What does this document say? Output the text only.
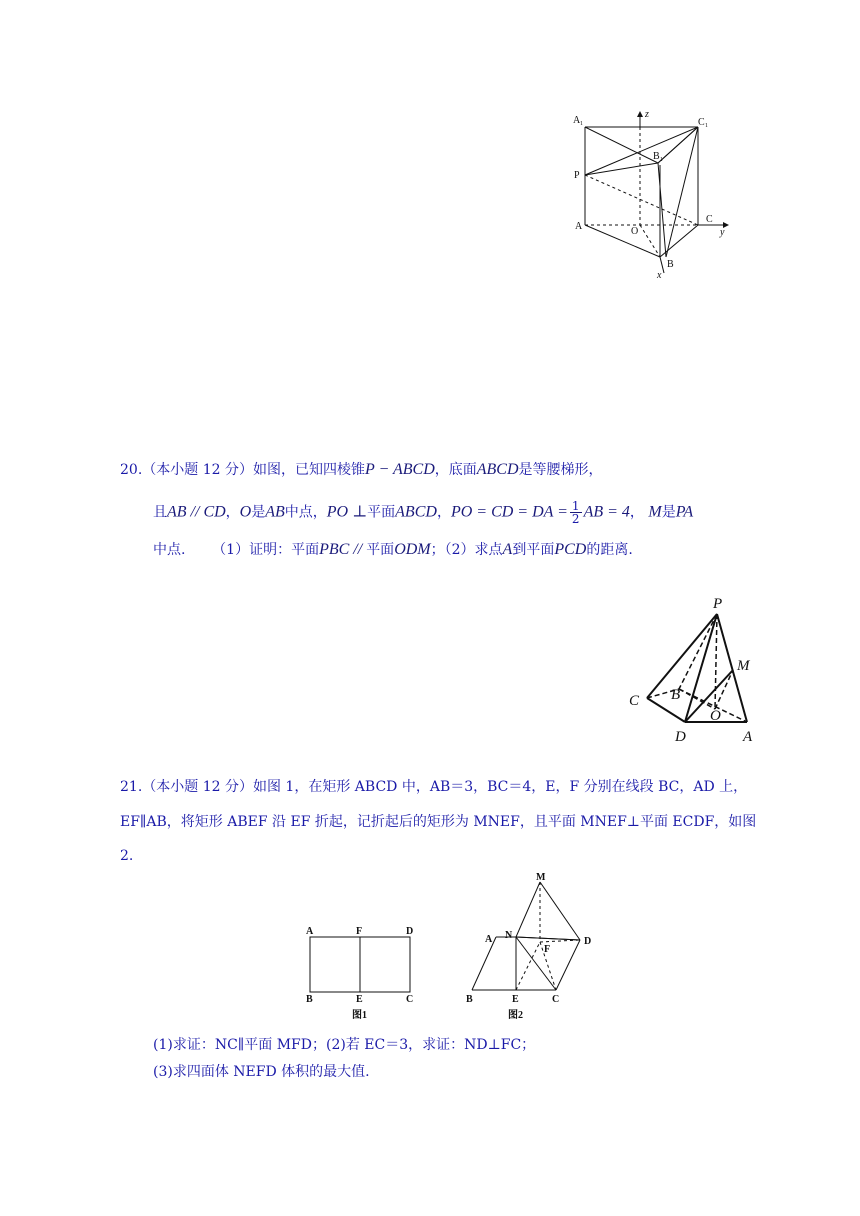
A 1
z
C 1
B 1
P
C
A	O	y
B
x
20.（本小题 12 分）如图，已知四棱锥P − ABCD，底面ABCD是等腰梯形，
且AB // CD，O是AB中点，PO ⊥平面ABCD，PO = CD = DA = $\frac{1}{2}$ AB = 4， M是PA
中点. （1）证明：平面PBC // 平面ODM；（2）求点A到平面PCD的距离.
P
M
C B
O
D	A
21.（本小题 12 分）如图 1，在矩形 ABCD 中，AB＝3，BC＝4，E，F 分别在线段 BC，AD 上，
EF∥AB，将矩形 ABEF 沿 EF 折起，记折起后的矩形为 MNEF，且平面 MNEF⊥平面 ECDF，如图
2.
A	F	D
B	E	C
图1
M
A N
F
D
B	E	C
图2
(1)求证：NC∥平面 MFD；(2)若 EC＝3，求证：ND⊥FC；
(3)求四面体 NEFD 体积的最大值.
